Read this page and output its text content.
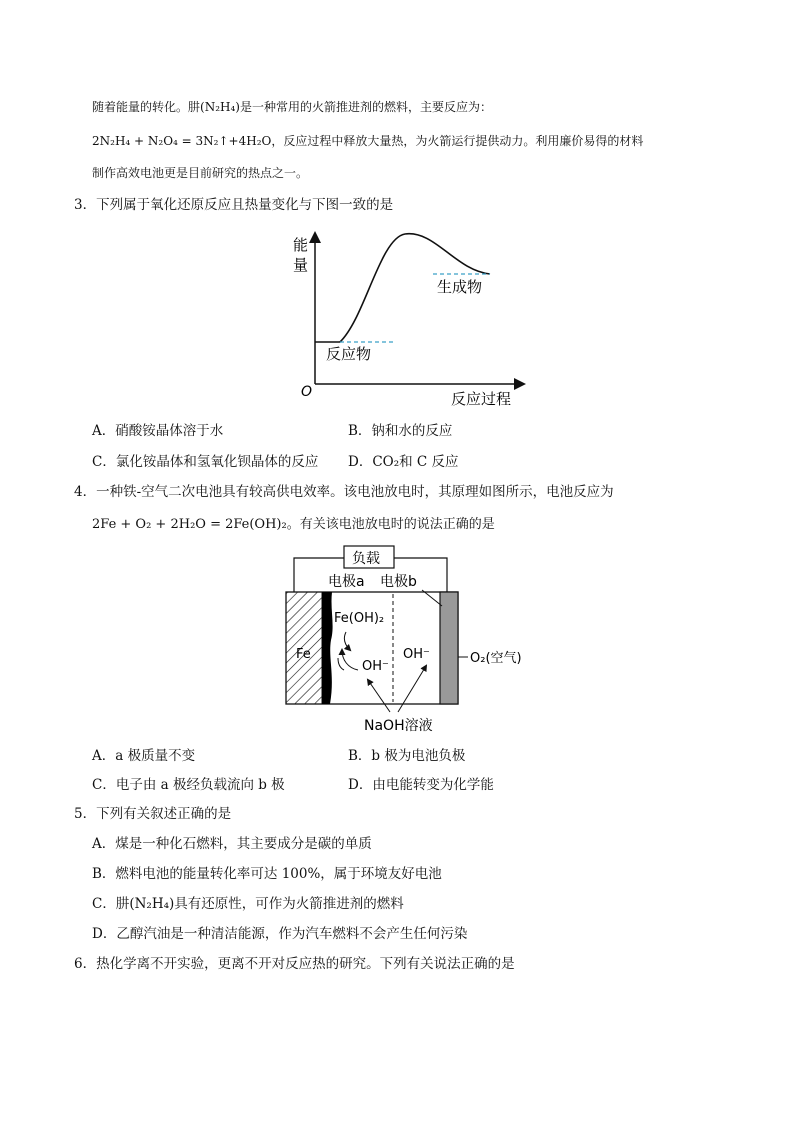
随着能量的转化。肼(N₂H₄)是一种常用的火箭推进剂的燃料，主要反应为：
2N₂H₄ + N₂O₄ = 3N₂↑+4H₂O，反应过程中释放大量热，为火箭运行提供动力。利用廉价易得的材料
制作高效电池更是目前研究的热点之一。
3．下列属于氧化还原反应且热量变化与下图一致的是
能
量
O	反应过程
反应物
生成物
A．硝酸铵晶体溶于水	B．钠和水的反应
C．氯化铵晶体和氢氧化钡晶体的反应 D．CO₂和 C 反应
4．一种铁-空气二次电池具有较高供电效率。该电池放电时，其原理如图所示，电池反应为
2Fe + O₂ + 2H₂O = 2Fe(OH)₂。有关该电池放电时的说法正确的是
负载
电极a 电极b
Fe(OH)₂
Fe
OH⁻
OH⁻	O₂(空气)
NaOH溶液
A．a 极质量不变	B．b 极为电池负极
C．电子由 a 极经负载流向 b 极	D．由电能转变为化学能
5．下列有关叙述正确的是
A．煤是一种化石燃料，其主要成分是碳的单质
B．燃料电池的能量转化率可达 100%，属于环境友好电池
C．肼(N₂H₄)具有还原性，可作为火箭推进剂的燃料
D．乙醇汽油是一种清洁能源，作为汽车燃料不会产生任何污染
6．热化学离不开实验，更离不开对反应热的研究。下列有关说法正确的是
